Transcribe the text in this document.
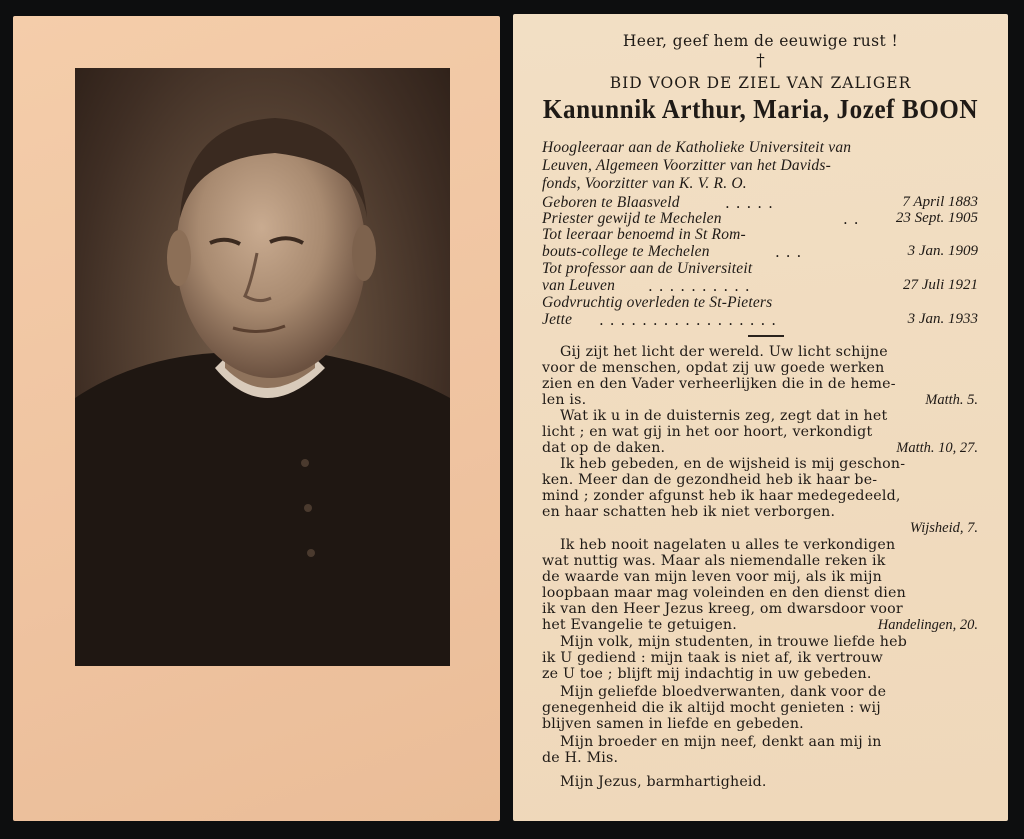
Heer, geef hem de eeuwige rust !
†
BID VOOR DE ZIEL VAN ZALIGER
Kanunnik Arthur, Maria, Jozef BOON
Hoogleeraar aan de Katholieke Universiteit van
Leuven, Algemeen Voorzitter van het Davids-
fonds, Voorzitter van K. V. R. O.
Geboren te Blaasveld	.....	7 April 1883
Priester gewijd te Mechelen	.. 23 Sept. 1905
Tot leeraar benoemd in St Rom-
bouts-college te Mechelen	...	3 Jan. 1909
Tot professor aan de Universiteit
van Leuven ..........	27 Juli 1921
Godvruchtig overleden te St-Pieters
Jette .................	3 Jan. 1933
Gij zijt het licht der wereld. Uw licht schijne
voor de menschen, opdat zij uw goede werken
zien en den Vader verheerlijken die in de heme-
len is.	Matth. 5.
Wat ik u in de duisternis zeg, zegt dat in het
licht ; en wat gij in het oor hoort, verkondigt
dat op de daken.	Matth. 10, 27.
Ik heb gebeden, en de wijsheid is mij geschon-
ken. Meer dan de gezondheid heb ik haar be-
mind ; zonder afgunst heb ik haar medegedeeld,
en haar schatten heb ik niet verborgen.
Wijsheid, 7.
Ik heb nooit nagelaten u alles te verkondigen
wat nuttig was. Maar als niemendalle reken ik
de waarde van mijn leven voor mij, als ik mijn
loopbaan maar mag voleinden en den dienst dien
ik van den Heer Jezus kreeg, om dwarsdoor voor
het Evangelie te getuigen.	Handelingen, 20.
Mijn volk, mijn studenten, in trouwe liefde heb
ik U gediend : mijn taak is niet af, ik vertrouw
ze U toe ; blijft mij indachtig in uw gebeden.
Mijn geliefde bloedverwanten, dank voor de
genegenheid die ik altijd mocht genieten : wij
blijven samen in liefde en gebeden.
Mijn broeder en mijn neef, denkt aan mij in
de H. Mis.
Mijn Jezus, barmhartigheid.
